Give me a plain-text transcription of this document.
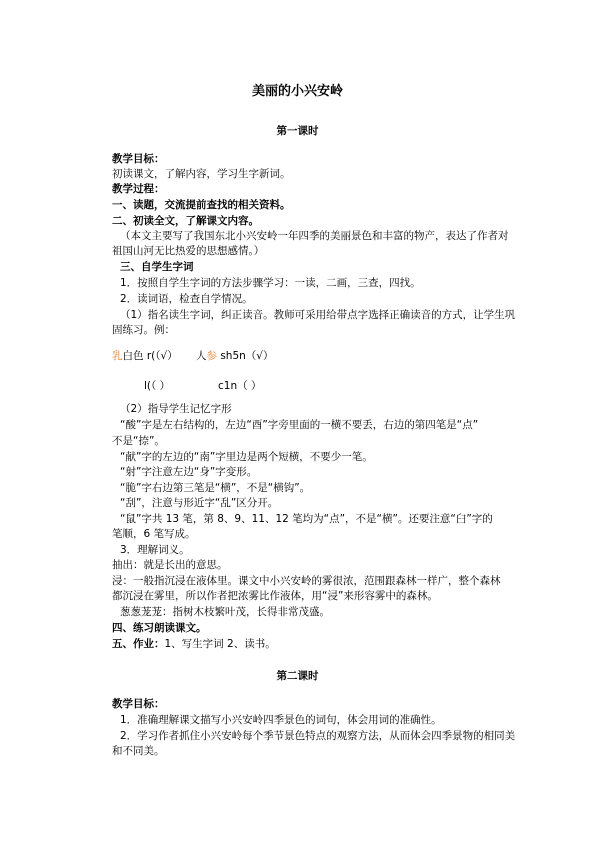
美丽的小兴安岭
第一课时
教学目标：
初读课文，了解内容，学习生字新词。
教学过程：
一、读题，交流提前查找的相关资料。
二、初读全文，了解课文内容。
（本文主要写了我国东北小兴安岭一年四季的美丽景色和丰富的物产，表达了作者对
祖国山河无比热爱的思想感情。）
三、自学生字词
1．按照自学生字词的方法步骤学习：一读，二画，三查，四找。
2．读词语，检查自学情况。
（1）指名读生字词，纠正读音。教师可采用给带点字选择正确读音的方式，让学生巩
固练习。例：
乳白色 r(（√） 人参 sh5n（√）
l(（ ）	c1n（ ）
（2）指导学生记忆字形
“酸”字是左右结构的，左边“酉”字旁里面的一横不要丢，右边的第四笔是“点”
不是“捺”。
“献”字的左边的“南”字里边是两个短横，不要少一笔。
“射”字注意左边“身”字变形。
“脆”字右边第三笔是“横”，不是“横钩”。
“刮”，注意与形近字“乱”区分开。
“鼠”字共 13 笔，第 8、9、11、12 笔均为“点”，不是“横”。还要注意“臼”字的
笔顺，6 笔写成。
3．理解词义。
抽出：就是长出的意思。
浸：一般指沉浸在液体里。课文中小兴安岭的雾很浓，范围跟森林一样广，整个森林
都沉浸在雾里，所以作者把浓雾比作液体，用“浸”来形容雾中的森林。
葱葱茏茏：指树木枝繁叶茂，长得非常茂盛。
四、练习朗读课文。
五、作业：1、写生字词 2、读书。
第二课时
教学目标：
1．准确理解课文描写小兴安岭四季景色的词句，体会用词的准确性。
2．学习作者抓住小兴安岭每个季节景色特点的观察方法，从而体会四季景物的相同美
和不同美。
